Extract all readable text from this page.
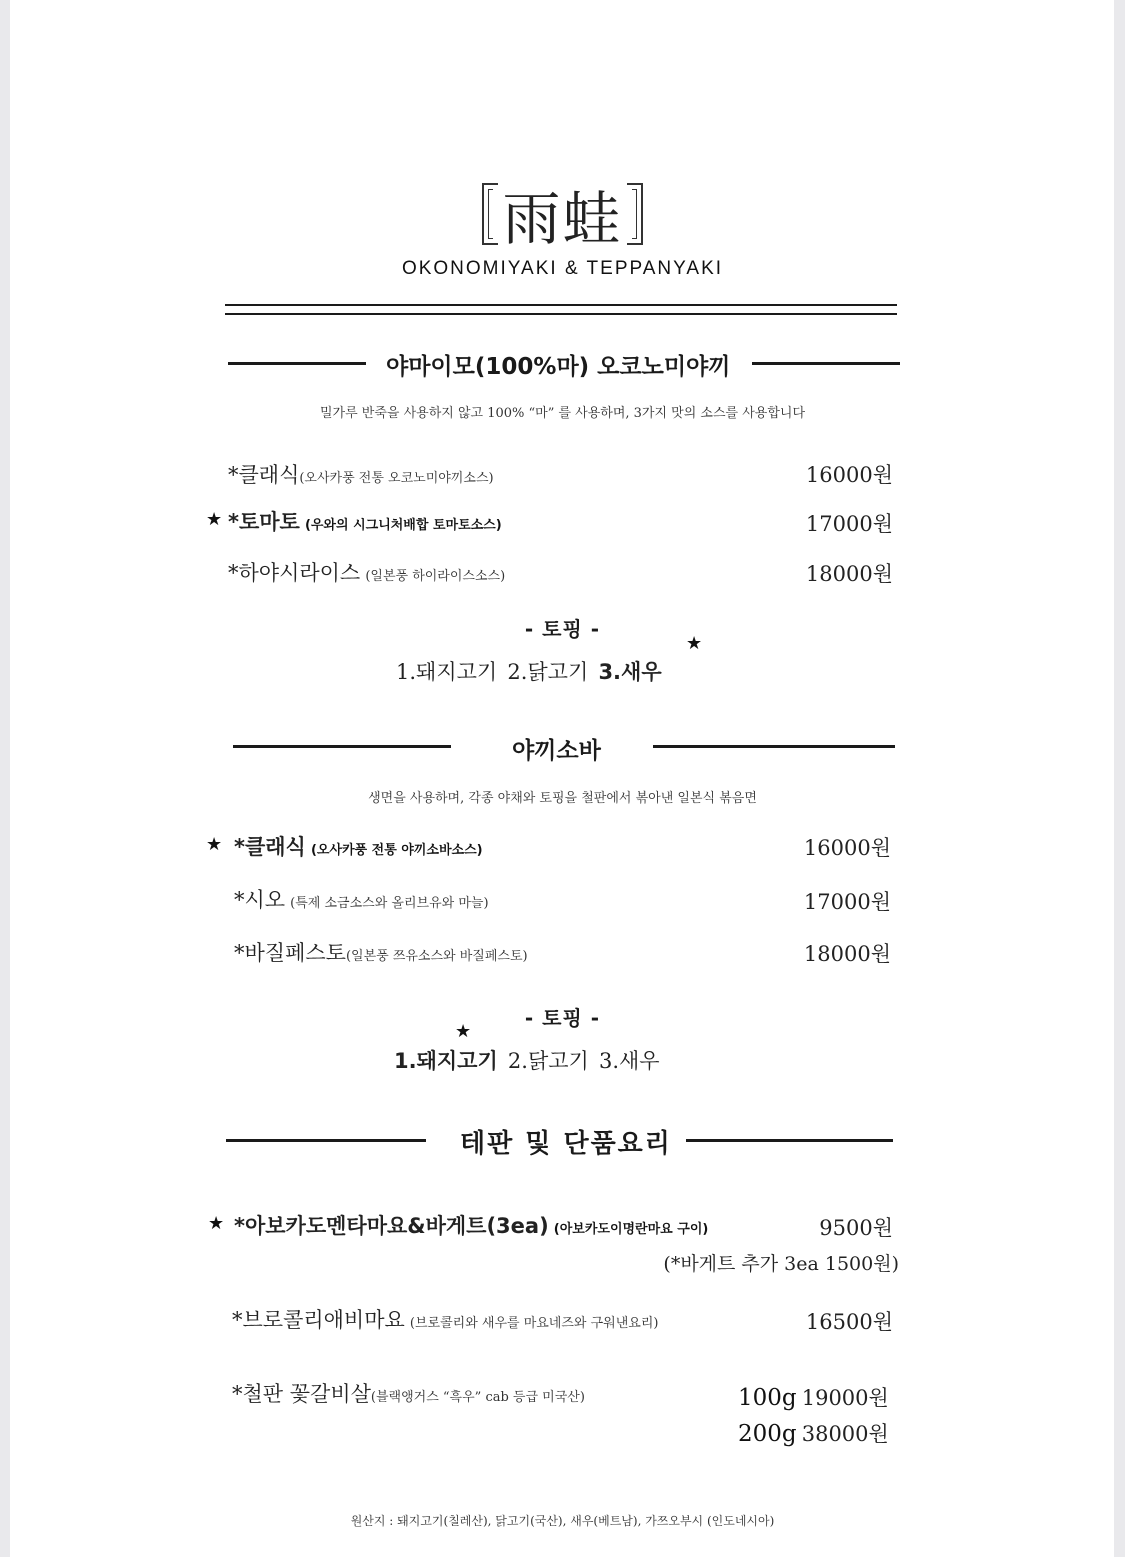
雨蛙
OKONOMIYAKI & TEPPANYAKI
야마이모(100%마) 오코노미야끼
밀가루 반죽을 사용하지 않고 100% “마” 를 사용하며, 3가지 맛의 소스를 사용합니다
*클래식(오사카풍 전통 오코노미야끼소스)	16000원
★ *토마토 (우와의 시그니처배합 토마토소스)	17000원
*하야시라이스 (일본풍 하이라이스소스)	18000원
- 토핑 -
★
1.돼지고기 2.닭고기 3.새우
야끼소바
생면을 사용하며, 각종 야채와 토핑을 철판에서 볶아낸 일본식 볶음면
★ *클래식 (오사카풍 전통 야끼소바소스)	16000원
*시오 (특제 소금소스와 올리브유와 마늘)	17000원
*바질페스토(일본풍 쯔유소스와 바질페스토)	18000원
- 토핑 -
★
1.돼지고기 2.닭고기 3.새우
테판 및 단품요리
★ *아보카도멘타마요&바게트(3ea) (아보카도이명란마요 구이)	9500원
(*바게트 추가 3ea 1500원)
*브로콜리애비마요 (브로콜리와 새우를 마요네즈와 구워낸요리)	16500원
*철판 꽃갈비살(블랙앵거스 “흑우” cab 등급 미국산)	100g 19000원
200g 38000원
원산지 : 돼지고기(칠레산), 닭고기(국산), 새우(베트남), 가쯔오부시 (인도네시아)
